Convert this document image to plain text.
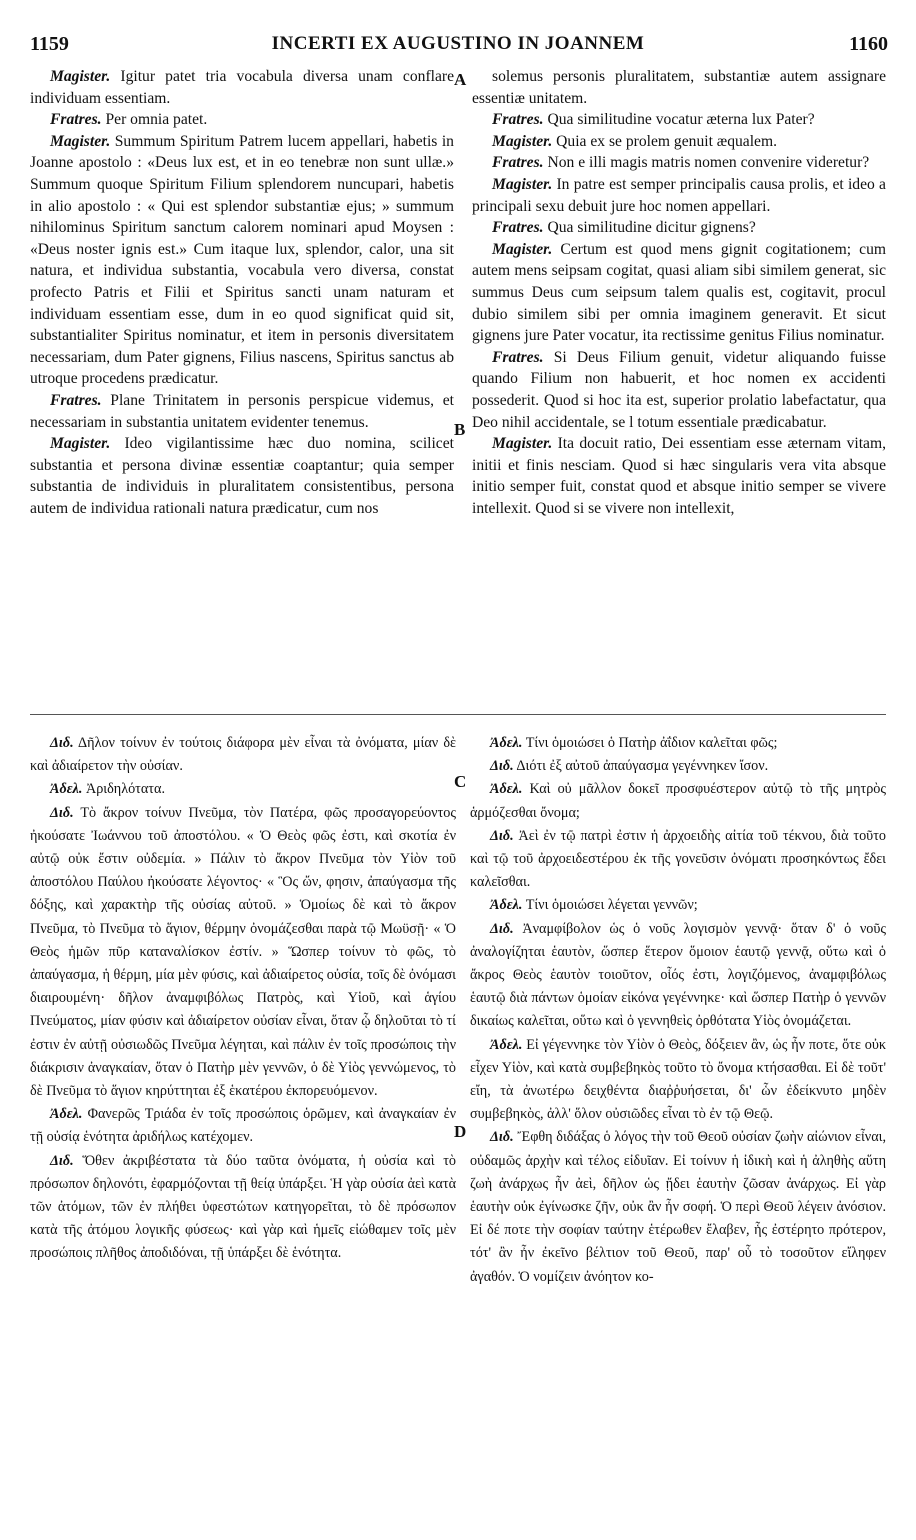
1159	INCERTI EX AUGUSTINO IN JOANNEM	1160
A
B
C
D

Magister. Igitur patet tria vocabula diversa unam conflare individuam essentiam.

Fratres. Per omnia patet.

Magister. Summum Spiritum Patrem lucem appellari, habetis in Joanne apostolo : «Deus lux est, et in eo tenebræ non sunt ullæ.» Summum quoque Spiritum Filium splendorem nuncupari, habetis in alio apostolo : « Qui est splendor substantiæ ejus; » summum nihilominus Spiritum sanctum calorem nominari apud Moysen : «Deus noster ignis est.» Cum itaque lux, splendor, calor, una sit natura, et individua substantia, vocabula vero diversa, constat profecto Patris et Filii et Spiritus sancti unam naturam et individuam essentiam esse, dum in eo quod significat quid sit, substantialiter Spiritus nominatur, et item in personis diversitatem necessariam, dum Pater gignens, Filius nascens, Spiritus sanctus ab utroque procedens prædicatur.

Fratres. Plane Trinitatem in personis perspicue videmus, et necessariam in substantia unitatem evidenter tenemus.

Magister. Ideo vigilantissime hæc duo nomina, scilicet substantia et persona divinæ essentiæ coaptantur; quia semper substantia de individuis in pluralitatem consistentibus, persona autem de individua rationali natura prædicatur, cum nos

solemus personis pluralitatem, substantiæ autem assignare essentiæ unitatem.

Fratres. Qua similitudine vocatur æterna lux Pater?

Magister. Quia ex se prolem genuit æqualem.

Fratres. Non e illi magis matris nomen convenire videretur?

Magister. In patre est semper principalis causa prolis, et ideo a principali sexu debuit jure hoc nomen appellari.

Fratres. Qua similitudine dicitur gignens?

Magister. Certum est quod mens gignit cogitationem; cum autem mens seipsam cogitat, quasi aliam sibi similem generat, sic summus Deus cum seipsum talem qualis est, cogitavit, procul dubio similem sibi per omnia imaginem generavit. Et sicut gignens jure Pater vocatur, ita rectissime genitus Filius nominatur.

Fratres. Si Deus Filium genuit, videtur aliquando fuisse quando Filium non habuerit, et hoc nomen ex accidenti possederit. Quod si hoc ita est, superior prolatio labefactatur, qua Deo nihil accidentale, se l totum essentiale prædicabatur.

Magister. Ita docuit ratio, Dei essentiam esse æternam vitam, initii et finis nesciam. Quod si hæc singularis vera vita absque initio semper fuit, constat quod et absque initio semper se vivere intellexit. Quod si se vivere non intellexit,

Διδ. Δῆλον τοίνυν ἐν τούτοις διάφορα μὲν εἶναι τὰ ὀνόματα, μίαν δὲ καὶ ἀδιαίρετον τὴν οὐσίαν.

Ἀδελ. Ἀριδηλότατα.

Διδ. Τὸ ἄκρον τοίνυν Πνεῦμα, τὸν Πατέρα, φῶς προσαγορεύοντος ἠκούσατε Ἰωάννου τοῦ ἀποστόλου. « Ὁ Θεὸς φῶς ἐστι, καὶ σκοτία ἐν αὐτῷ οὐκ ἔστιν οὐδεμία. » Πάλιν τὸ ἄκρον Πνεῦμα τὸν Υἱὸν τοῦ ἀποστόλου Παύλου ἠκούσατε λέγοντος· « Ὃς ὤν, φησιν, ἀπαύγασμα τῆς δόξης, καὶ χαρακτὴρ τῆς οὐσίας αὐτοῦ. » Ὁμοίως δὲ καὶ τὸ ἄκρον Πνεῦμα, τὸ Πνεῦμα τὸ ἅγιον, θέρμην ὀνομάζεσθαι παρὰ τῷ Μωϋσῇ· « Ὁ Θεὸς ἡμῶν πῦρ καταναλίσκον ἐστίν. » Ὥσπερ τοίνυν τὸ φῶς, τὸ ἀπαύγασμα, ἡ θέρμη, μία μὲν φύσις, καὶ ἀδιαίρετος οὐσία, τοῖς δὲ ὀνόμασι διαιρουμένη· δῆλον ἀναμφιβόλως Πατρὸς, καὶ Υἱοῦ, καὶ ἁγίου Πνεύματος, μίαν φύσιν καὶ ἀδιαίρετον οὐσίαν εἶναι, ὅταν ᾧ δηλοῦται τὸ τί ἐστιν ἐν αὐτῇ οὐσιωδῶς Πνεῦμα λέγηται, καὶ πάλιν ἐν τοῖς προσώποις τὴν διάκρισιν ἀναγκαίαν, ὅταν ὁ Πατὴρ μὲν γεννῶν, ὁ δὲ Υἱὸς γεννώμενος, τὸ δὲ Πνεῦμα τὸ ἅγιον κηρύττηται ἐξ ἑκατέρου ἐκπορευόμενον.

Ἀδελ. Φανερῶς Τριάδα ἐν τοῖς προσώποις ὁρῶμεν, καὶ ἀναγκαίαν ἐν τῇ οὐσίᾳ ἑνότητα ἀριδήλως κατέχομεν.

Διδ. Ὅθεν ἀκριβέστατα τὰ δύο ταῦτα ὀνόματα, ἡ οὐσία καὶ τὸ πρόσωπον δηλονότι, ἐφαρμόζονται τῇ θείᾳ ὑπάρξει. Ἡ γὰρ οὐσία ἀεὶ κατὰ τῶν ἀτόμων, τῶν ἐν πλήθει ὑφεστώτων κατηγορεῖται, τὸ δὲ πρόσωπον κατὰ τῆς ἀτόμου λογικῆς φύσεως· καὶ γὰρ καὶ ἡμεῖς εἰώθαμεν τοῖς μὲν προσώποις πλῆθος ἀποδιδόναι, τῇ ὑπάρξει δὲ ἑνότητα.

Ἀδελ. Τίνι ὁμοιώσει ὁ Πατὴρ ἀΐδιον καλεῖται φῶς;

Διδ. Διότι ἐξ αὐτοῦ ἀπαύγασμα γεγέννηκεν ἴσον.

Ἀδελ. Καὶ οὐ μᾶλλον δοκεῖ προσφυέστερον αὐτῷ τὸ τῆς μητρὸς ἁρμόζεσθαι ὄνομα;

Διδ. Ἀεὶ ἐν τῷ πατρὶ ἐστιν ἡ ἀρχοειδὴς αἰτία τοῦ τέκνου, διὰ τοῦτο καὶ τῷ τοῦ ἀρχοειδεστέρου ἐκ τῆς γονεῦσιν ὀνόματι προσηκόντως ἔδει καλεῖσθαι.

Ἀδελ. Τίνι ὁμοιώσει λέγεται γεννῶν;

Διδ. Ἀναμφίβολον ὡς ὁ νοῦς λογισμὸν γεννᾷ· ὅταν δ' ὁ νοῦς ἀναλογίζηται ἑαυτὸν, ὥσπερ ἕτερον ὅμοιον ἑαυτῷ γεννᾷ, οὕτω καὶ ὁ ἄκρος Θεὸς ἑαυτὸν τοιοῦτον, οἷός ἐστι, λογιζόμενος, ἀναμφιβόλως ἑαυτῷ διὰ πάντων ὁμοίαν εἰκόνα γεγέννηκε· καὶ ὥσπερ Πατὴρ ὁ γεννῶν δικαίως καλεῖται, οὕτω καὶ ὁ γεννηθεὶς ὀρθότατα Υἱὸς ὀνομάζεται.

Ἀδελ. Εἰ γέγεννηκε τὸν Υἱὸν ὁ Θεὸς, δόξειεν ἂν, ὡς ἦν ποτε, ὅτε οὐκ εἶχεν Υἱὸν, καὶ κατὰ συμβεβηκὸς τοῦτο τὸ ὄνομα κτήσασθαι. Εἰ δὲ τοῦτ' εἴη, τὰ ἀνωτέρω δειχθέντα διαῤῥυήσεται, δι' ὧν ἐδείκνυτο μηδὲν συμβεβηκὸς, ἀλλ' ὅλον οὐσιῶδες εἶναι τὸ ἐν τῷ Θεῷ.

Διδ. Ἔφθη διδάξας ὁ λόγος τὴν τοῦ Θεοῦ οὐσίαν ζωὴν αἰώνιον εἶναι, οὐδαμῶς ἀρχὴν καὶ τέλος εἰδυῖαν. Εἰ τοίνυν ἡ ἰδικὴ καὶ ἡ ἀληθὴς αὕτη ζωὴ ἀνάρχως ἦν ἀεὶ, δῆλον ὡς ᾔδει ἑαυτὴν ζῶσαν ἀνάρχως. Εἰ γὰρ ἑαυτὴν οὐκ ἐγίνωσκε ζῆν, οὐκ ἂν ἦν σοφή. Ὁ περὶ Θεοῦ λέγειν ἀνόσιον. Εἰ δέ ποτε τὴν σοφίαν ταύτην ἑτέρωθεν ἔλαβεν, ἧς ἐστέρητο πρότερον, τότ' ἂν ἦν ἐκεῖνο βέλτιον τοῦ Θεοῦ, παρ' οὗ τὸ τοσοῦτον εἴληφεν ἀγαθόν. Ὁ νομίζειν ἀνόητον κο-
